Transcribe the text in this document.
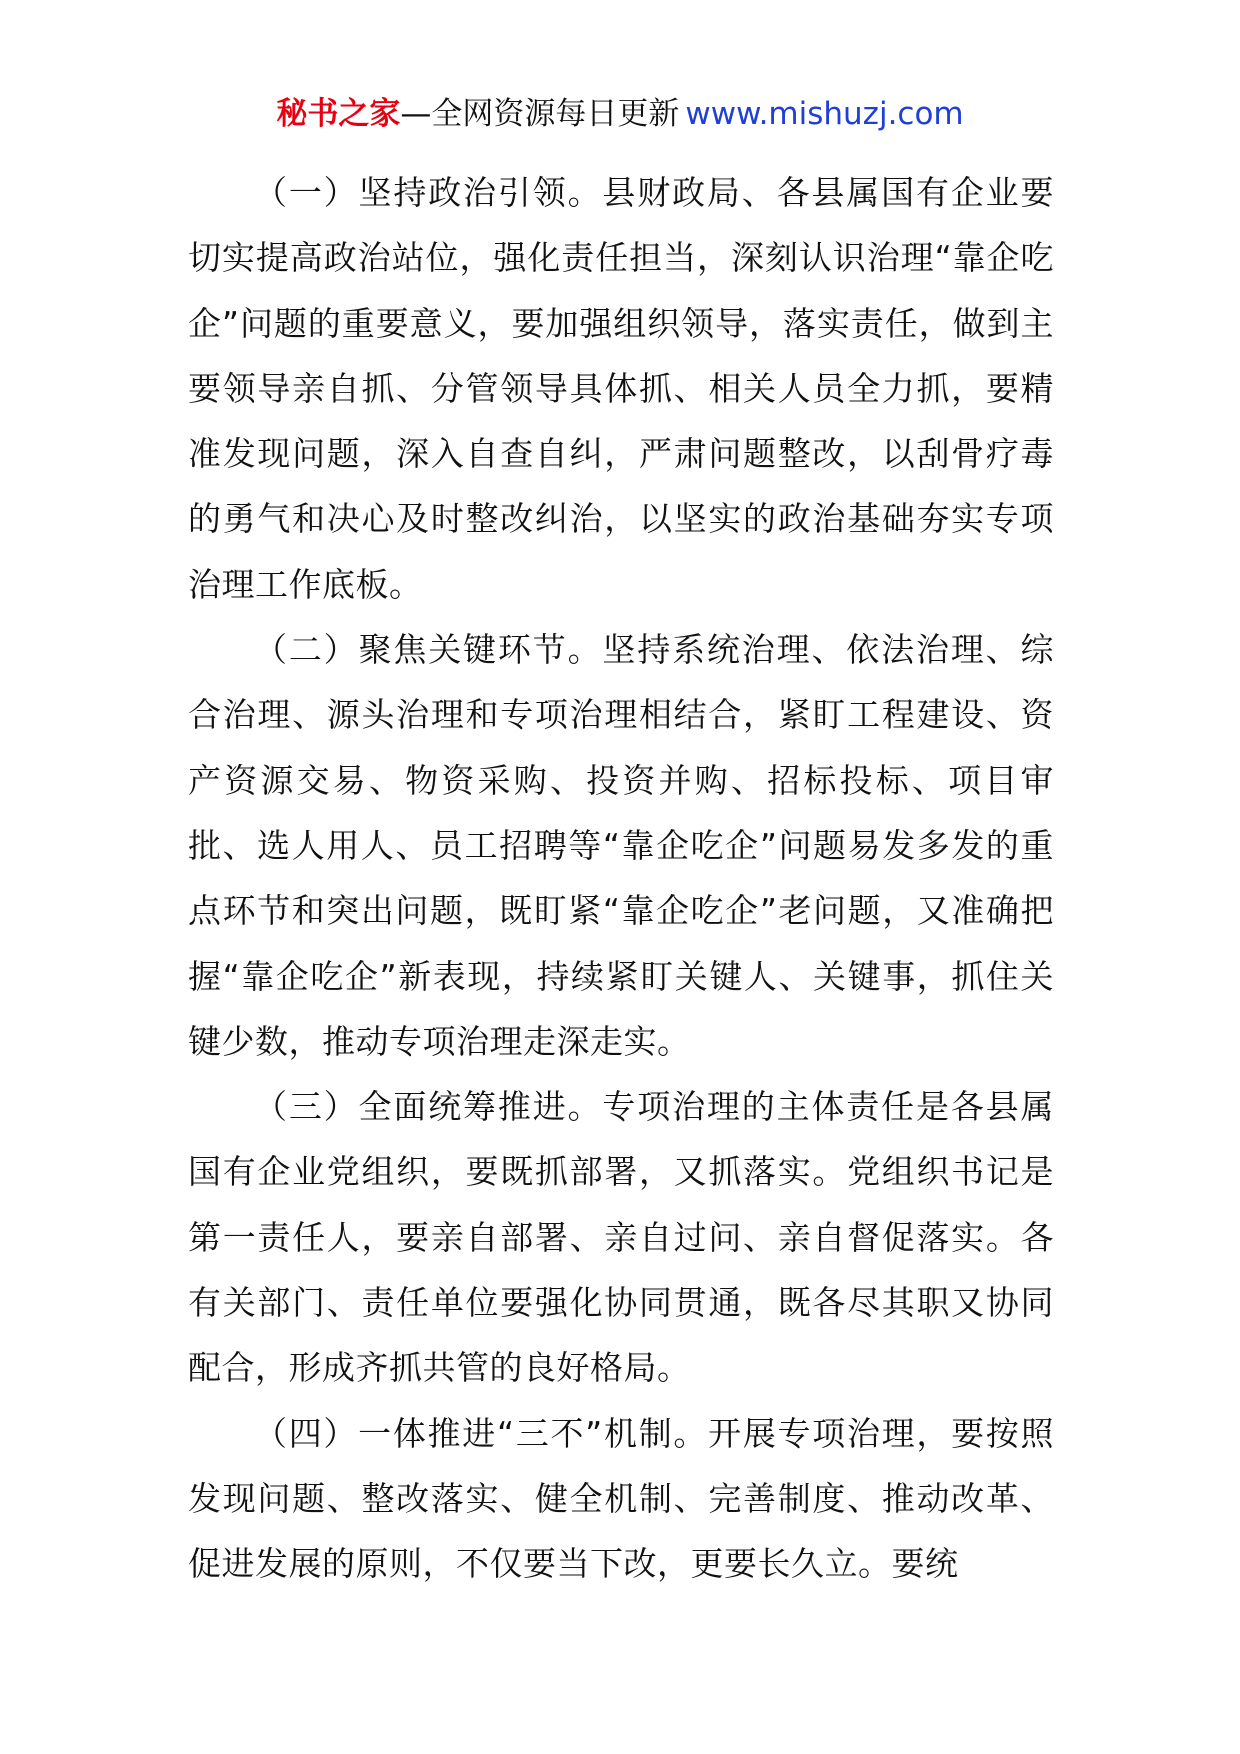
秘书之家—全网资源每日更新 www.mishuzj.com

（一）坚持政治引领。县财政局、各县属国有企业要切实提高政治站位，强化责任担当，深刻认识治理“靠企吃企”问题的重要意义，要加强组织领导，落实责任，做到主要领导亲自抓、分管领导具体抓、相关人员全力抓，要精准发现问题，深入自查自纠，严肃问题整改，以刮骨疗毒的勇气和决心及时整改纠治，以坚实的政治基础夯实专项治理工作底板。

（二）聚焦关键环节。坚持系统治理、依法治理、综合治理、源头治理和专项治理相结合，紧盯工程建设、资产资源交易、物资采购、投资并购、招标投标、项目审批、选人用人、员工招聘等“靠企吃企”问题易发多发的重点环节和突出问题，既盯紧“靠企吃企”老问题，又准确把握“靠企吃企”新表现，持续紧盯关键人、关键事，抓住关键少数，推动专项治理走深走实。

（三）全面统筹推进。专项治理的主体责任是各县属国有企业党组织，要既抓部署，又抓落实。党组织书记是第一责任人，要亲自部署、亲自过问、亲自督促落实。各有关部门、责任单位要强化协同贯通，既各尽其职又协同配合，形成齐抓共管的良好格局。

（四）一体推进“三不”机制。开展专项治理，要按照发现问题、整改落实、健全机制、完善制度、推动改革、促进发展的原则，不仅要当下改，更要长久立。要统
